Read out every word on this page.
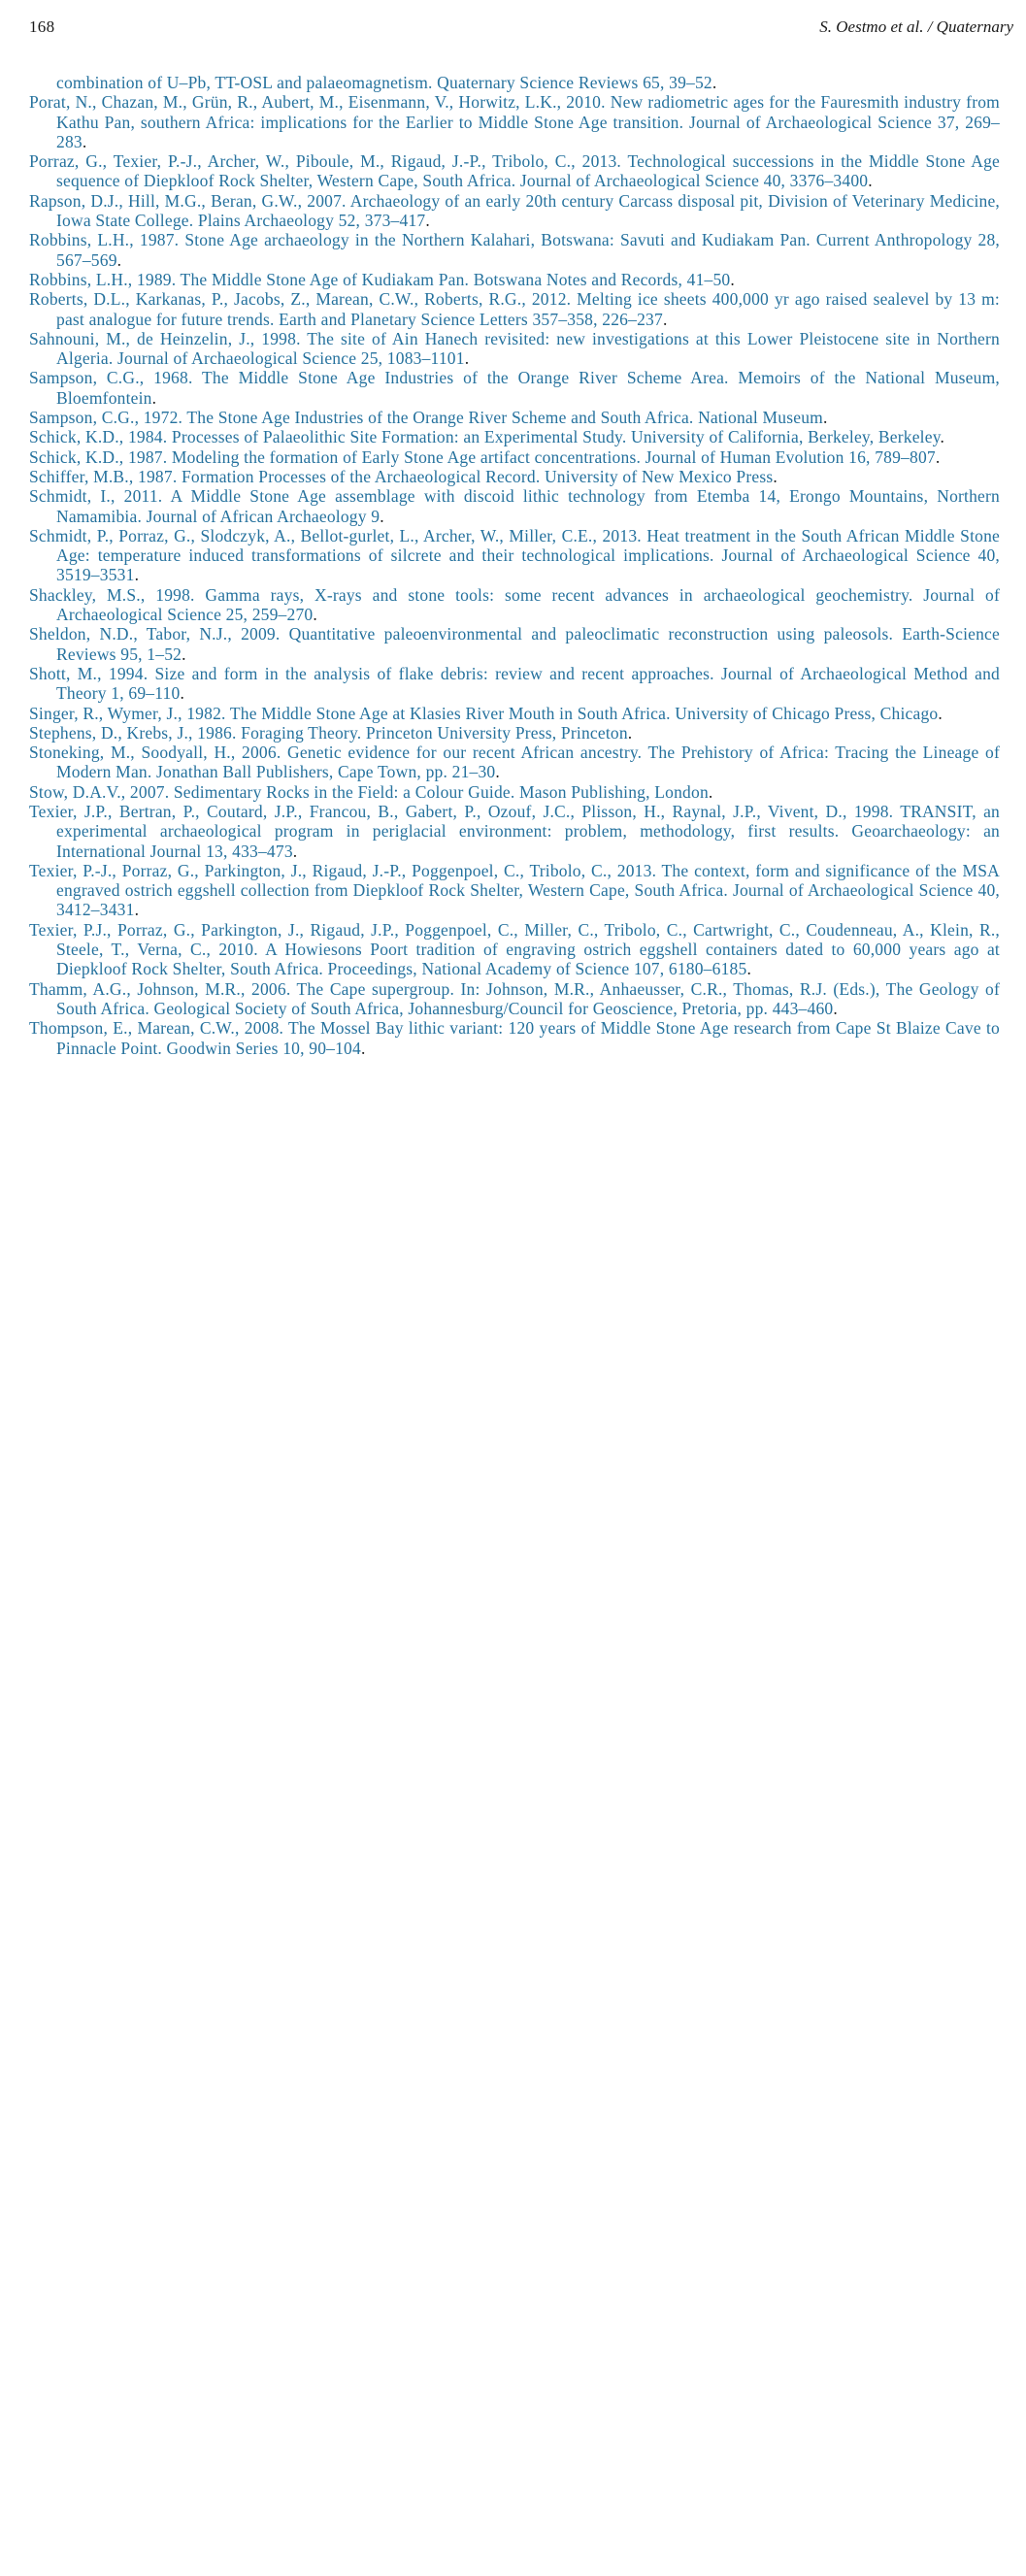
168	S. Oestmo et al. / Quaternary

combination of U–Pb, TT-OSL and palaeomagnetism. Quaternary Science Reviews 65, 39–52.

Porat, N., Chazan, M., Grün, R., Aubert, M., Eisenmann, V., Horwitz, L.K., 2010. New radiometric ages for the Fauresmith industry from Kathu Pan, southern Africa: implications for the Earlier to Middle Stone Age transition. Journal of Archaeological Science 37, 269–283.

Porraz, G., Texier, P.-J., Archer, W., Piboule, M., Rigaud, J.-P., Tribolo, C., 2013. Technological successions in the Middle Stone Age sequence of Diepkloof Rock Shelter, Western Cape, South Africa. Journal of Archaeological Science 40, 3376–3400.

Rapson, D.J., Hill, M.G., Beran, G.W., 2007. Archaeology of an early 20th century Carcass disposal pit, Division of Veterinary Medicine, Iowa State College. Plains Archaeology 52, 373–417.

Robbins, L.H., 1987. Stone Age archaeology in the Northern Kalahari, Botswana: Savuti and Kudiakam Pan. Current Anthropology 28, 567–569.

Robbins, L.H., 1989. The Middle Stone Age of Kudiakam Pan. Botswana Notes and Records, 41–50.

Roberts, D.L., Karkanas, P., Jacobs, Z., Marean, C.W., Roberts, R.G., 2012. Melting ice sheets 400,000 yr ago raised sealevel by 13 m: past analogue for future trends. Earth and Planetary Science Letters 357–358, 226–237.

Sahnouni, M., de Heinzelin, J., 1998. The site of Ain Hanech revisited: new investigations at this Lower Pleistocene site in Northern Algeria. Journal of Archaeological Science 25, 1083–1101.

Sampson, C.G., 1968. The Middle Stone Age Industries of the Orange River Scheme Area. Memoirs of the National Museum, Bloemfontein.

Sampson, C.G., 1972. The Stone Age Industries of the Orange River Scheme and South Africa. National Museum.

Schick, K.D., 1984. Processes of Palaeolithic Site Formation: an Experimental Study. University of California, Berkeley, Berkeley.

Schick, K.D., 1987. Modeling the formation of Early Stone Age artifact concentrations. Journal of Human Evolution 16, 789–807.

Schiffer, M.B., 1987. Formation Processes of the Archaeological Record. University of New Mexico Press.

Schmidt, I., 2011. A Middle Stone Age assemblage with discoid lithic technology from Etemba 14, Erongo Mountains, Northern Namamibia. Journal of African Archaeology 9.

Schmidt, P., Porraz, G., Slodczyk, A., Bellot-gurlet, L., Archer, W., Miller, C.E., 2013. Heat treatment in the South African Middle Stone Age: temperature induced transformations of silcrete and their technological implications. Journal of Archaeological Science 40, 3519–3531.

Shackley, M.S., 1998. Gamma rays, X-rays and stone tools: some recent advances in archaeological geochemistry. Journal of Archaeological Science 25, 259–270.

Sheldon, N.D., Tabor, N.J., 2009. Quantitative paleoenvironmental and paleoclimatic reconstruction using paleosols. Earth-Science Reviews 95, 1–52.

Shott, M., 1994. Size and form in the analysis of flake debris: review and recent approaches. Journal of Archaeological Method and Theory 1, 69–110.

Singer, R., Wymer, J., 1982. The Middle Stone Age at Klasies River Mouth in South Africa. University of Chicago Press, Chicago.

Stephens, D., Krebs, J., 1986. Foraging Theory. Princeton University Press, Princeton.

Stoneking, M., Soodyall, H., 2006. Genetic evidence for our recent African ancestry. The Prehistory of Africa: Tracing the Lineage of Modern Man. Jonathan Ball Publishers, Cape Town, pp. 21–30.

Stow, D.A.V., 2007. Sedimentary Rocks in the Field: a Colour Guide. Mason Publishing, London.

Texier, J.P., Bertran, P., Coutard, J.P., Francou, B., Gabert, P., Ozouf, J.C., Plisson, H., Raynal, J.P., Vivent, D., 1998. TRANSIT, an experimental archaeological program in periglacial environment: problem, methodology, first results. Geoarchaeology: an International Journal 13, 433–473.

Texier, P.-J., Porraz, G., Parkington, J., Rigaud, J.-P., Poggenpoel, C., Tribolo, C., 2013. The context, form and significance of the MSA engraved ostrich eggshell collection from Diepkloof Rock Shelter, Western Cape, South Africa. Journal of Archaeological Science 40, 3412–3431.

Texier, P.J., Porraz, G., Parkington, J., Rigaud, J.P., Poggenpoel, C., Miller, C., Tribolo, C., Cartwright, C., Coudenneau, A., Klein, R., Steele, T., Verna, C., 2010. A Howiesons Poort tradition of engraving ostrich eggshell containers dated to 60,000 years ago at Diepkloof Rock Shelter, South Africa. Proceedings, National Academy of Science 107, 6180–6185.

Thamm, A.G., Johnson, M.R., 2006. The Cape supergroup. In: Johnson, M.R., Anhaeusser, C.R., Thomas, R.J. (Eds.), The Geology of South Africa. Geological Society of South Africa, Johannesburg/Council for Geoscience, Pretoria, pp. 443–460.

Thompson, E., Marean, C.W., 2008. The Mossel Bay lithic variant: 120 years of Middle Stone Age research from Cape St Blaize Cave to Pinnacle Point. Goodwin Series 10, 90–104.
